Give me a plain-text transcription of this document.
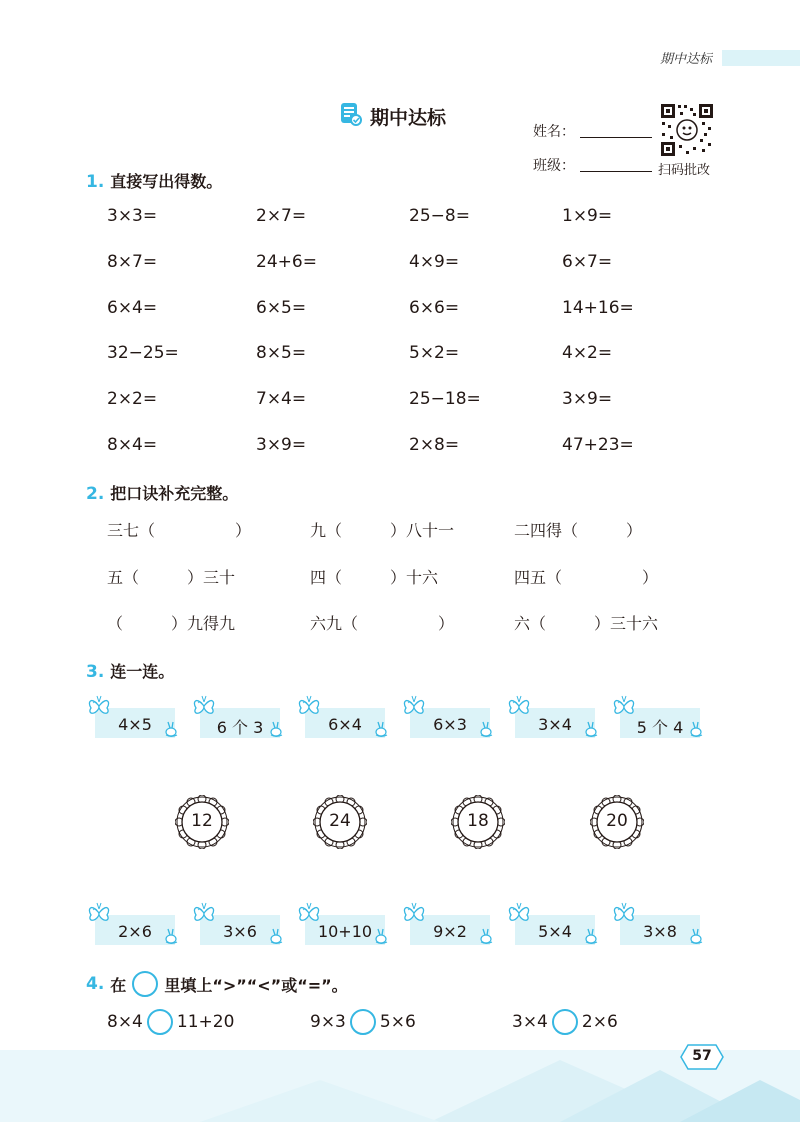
期中达标
期中达标
姓名：
班级：	扫码批改
1. 直接写出得数。
3×3=	2×7=	25−8=	1×9=
8×7=	24+6=	4×9=	6×7=
6×4=	6×5=	6×6=	14+16=
32−25=	8×5=	5×2=	4×2=
2×2=	7×4=	25−18=	3×9=
8×4=	3×9=	2×8=	47+23=
2. 把口诀补充完整。
三七（　　　　　）	九（　　　）八十一	二四得（　　　）
五（　　　）三十	四（　　　）十六	四五（　　　　　）
（　　　）九得九	六九（　　　　　）	六（　　　）三十六
3. 连一连。
4×5	6 个 3	6×4	6×3	3×4	5 个 4
12	24	18	20
2×6	3×6	10+10	9×2	5×4	3×8
4. 在 里填上“>”“<”或“=”。
8×4 11+20	9×3 5×6	3×4 2×6
57
